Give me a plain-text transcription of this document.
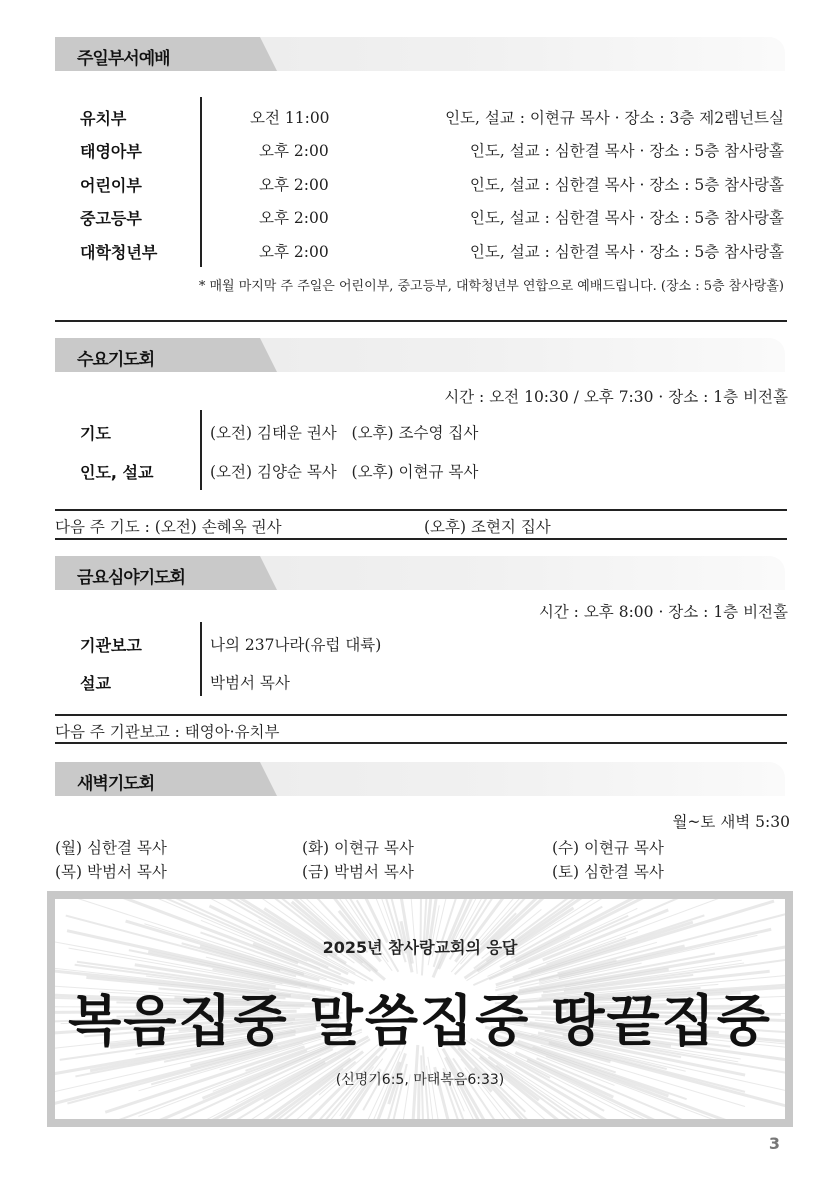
주일부서예배
유치부	오전 11:00	인도, 설교 : 이현규 목사 · 장소 : 3층 제2렘넌트실
태영아부	오후 2:00	인도, 설교 : 심한결 목사 · 장소 : 5층 참사랑홀
어린이부	오후 2:00	인도, 설교 : 심한결 목사 · 장소 : 5층 참사랑홀
중고등부	오후 2:00	인도, 설교 : 심한결 목사 · 장소 : 5층 참사랑홀
대학청년부	오후 2:00	인도, 설교 : 심한결 목사 · 장소 : 5층 참사랑홀
* 매월 마지막 주 주일은 어린이부, 중고등부, 대학청년부 연합으로 예배드립니다. (장소 : 5층 참사랑홀)
수요기도회
시간 : 오전 10:30 / 오후 7:30 · 장소 : 1층 비전홀
기도	(오전) 김태운 권사   (오후) 조수영 집사
인도, 설교	(오전) 김양순 목사   (오후) 이현규 목사
다음 주 기도 : (오전) 손혜옥 권사	(오후) 조현지 집사
금요심야기도회
시간 : 오후 8:00 · 장소 : 1층 비전홀
기관보고	나의 237나라(유럽 대륙)
설교	박범서 목사
다음 주 기관보고 : 태영아·유치부
새벽기도회
월~토 새벽 5:30
(월) 심한결 목사	(화) 이현규 목사	(수) 이현규 목사
(목) 박범서 목사	(금) 박범서 목사	(토) 심한결 목사
2025년 참사랑교회의 응답
복음집중 말씀집중 땅끝집중
(신명기6:5, 마태복음6:33)
3
